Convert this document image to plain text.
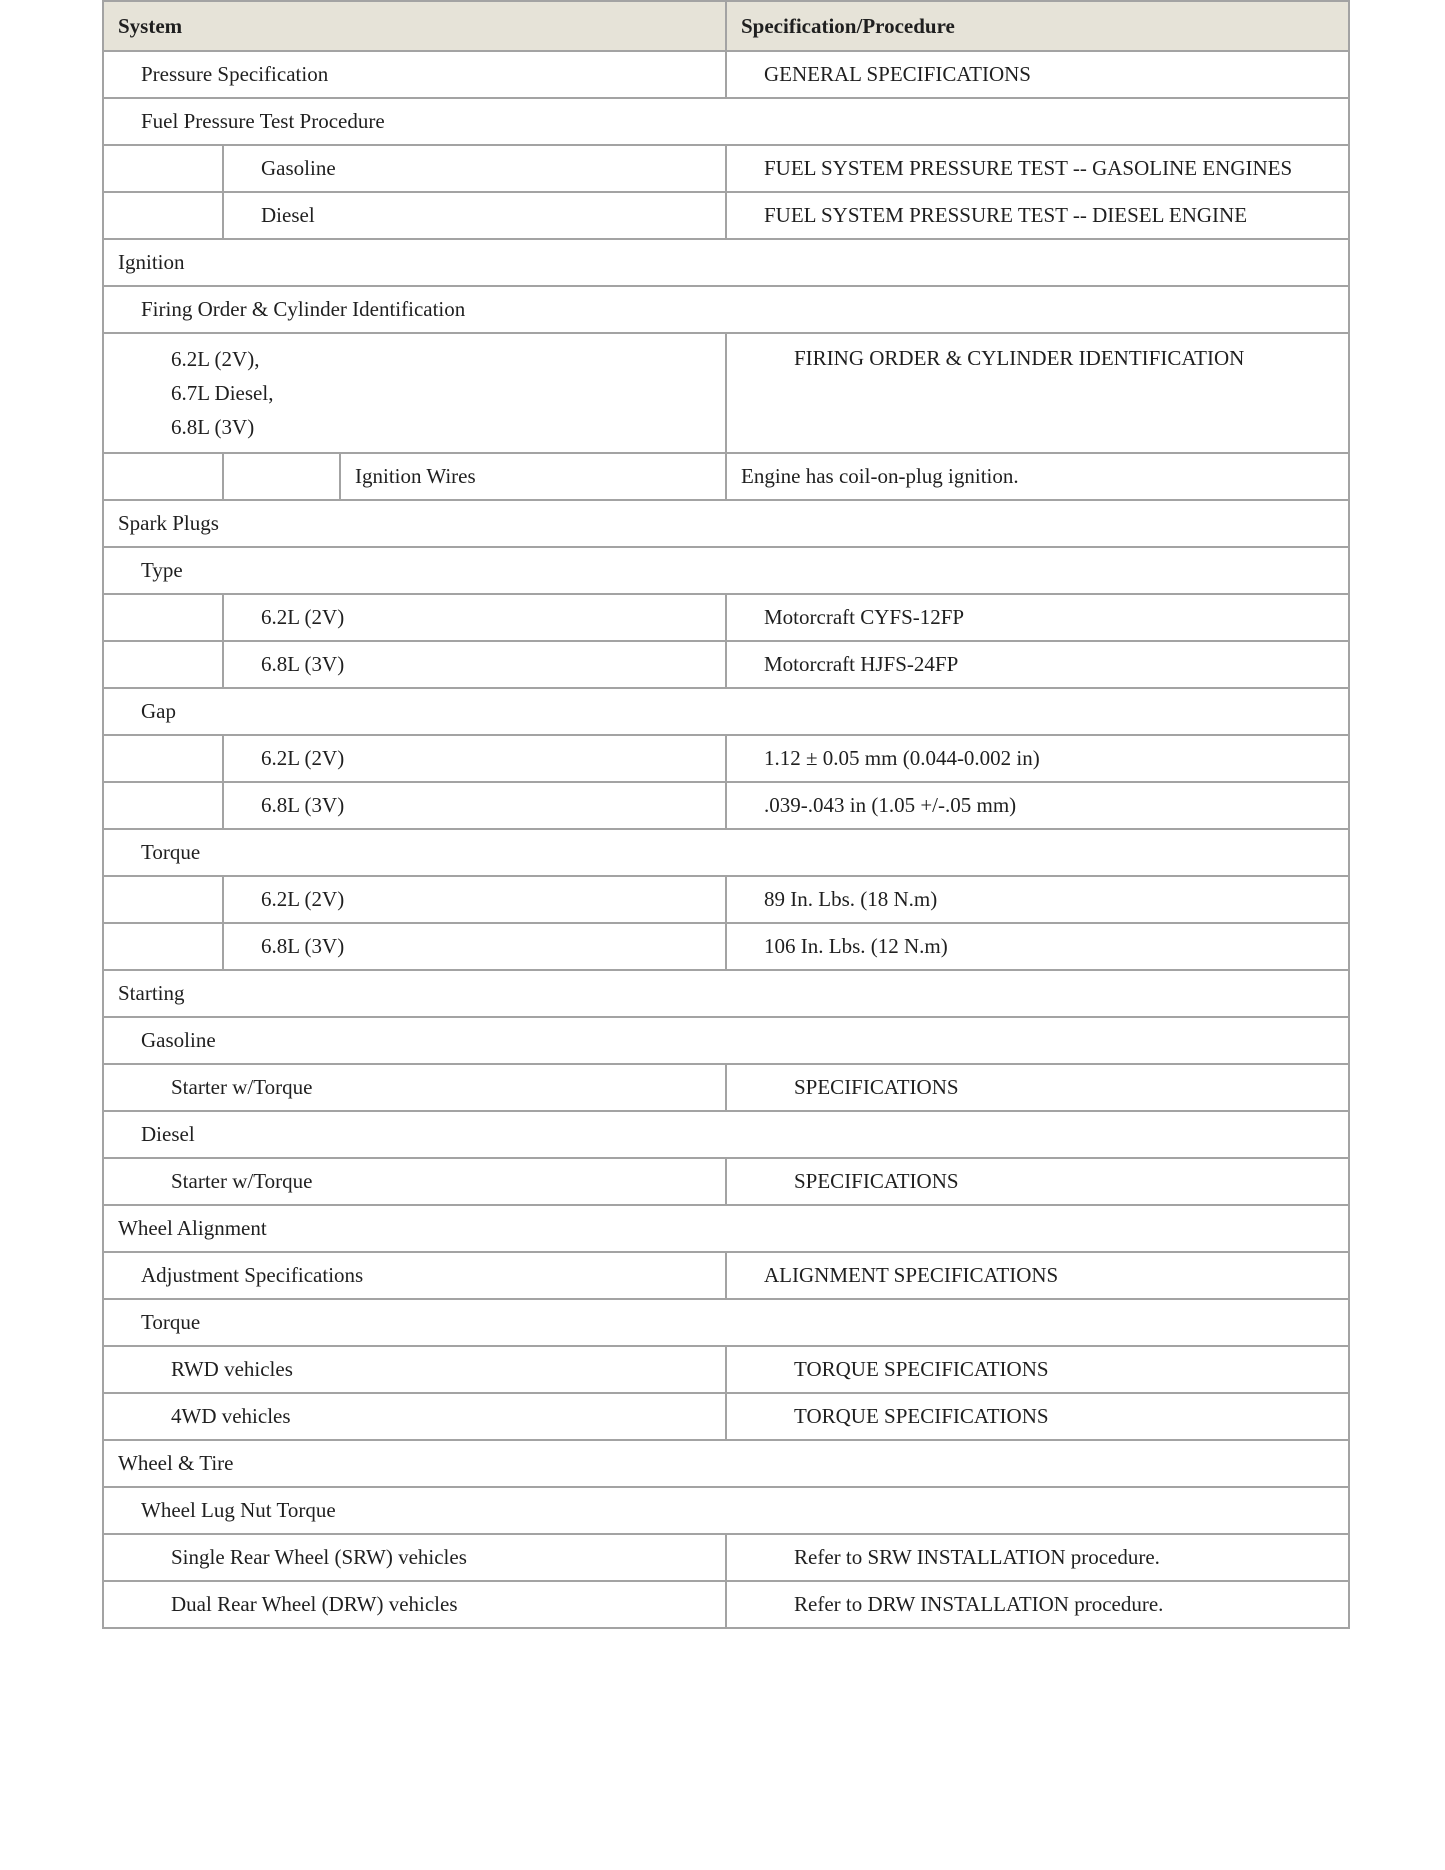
System			Specification/Procedure
Pressure Specification			GENERAL SPECIFICATIONS
Fuel Pressure Test Procedure			
	Gasoline		FUEL SYSTEM PRESSURE TEST -- GASOLINE ENGINES
	Diesel		FUEL SYSTEM PRESSURE TEST -- DIESEL ENGINE
Ignition			
Firing Order & Cylinder Identification			

6.2L (2V),
6.7L Diesel,
6.8L (3V)			FIRING ORDER & CYLINDER IDENTIFICATION
		Ignition Wires	Engine has coil-on-plug ignition.
Spark Plugs			
Type			
	6.2L (2V)		Motorcraft CYFS-12FP
	6.8L (3V)		Motorcraft HJFS-24FP
Gap			
	6.2L (2V)		1.12 ± 0.05 mm (0.044-0.002 in)
	6.8L (3V)		.039-.043 in (1.05 +/-.05 mm)
Torque			
	6.2L (2V)		89 In. Lbs. (18 N.m)
	6.8L (3V)		106 In. Lbs. (12 N.m)
Starting			
Gasoline			
Starter w/Torque			SPECIFICATIONS
Diesel			
Starter w/Torque			SPECIFICATIONS
Wheel Alignment			
Adjustment Specifications			ALIGNMENT SPECIFICATIONS
Torque			
RWD vehicles			TORQUE SPECIFICATIONS
4WD vehicles			TORQUE SPECIFICATIONS
Wheel & Tire			
Wheel Lug Nut Torque			
Single Rear Wheel (SRW) vehicles			Refer to SRW INSTALLATION procedure.
Dual Rear Wheel (DRW) vehicles			Refer to DRW INSTALLATION procedure.
